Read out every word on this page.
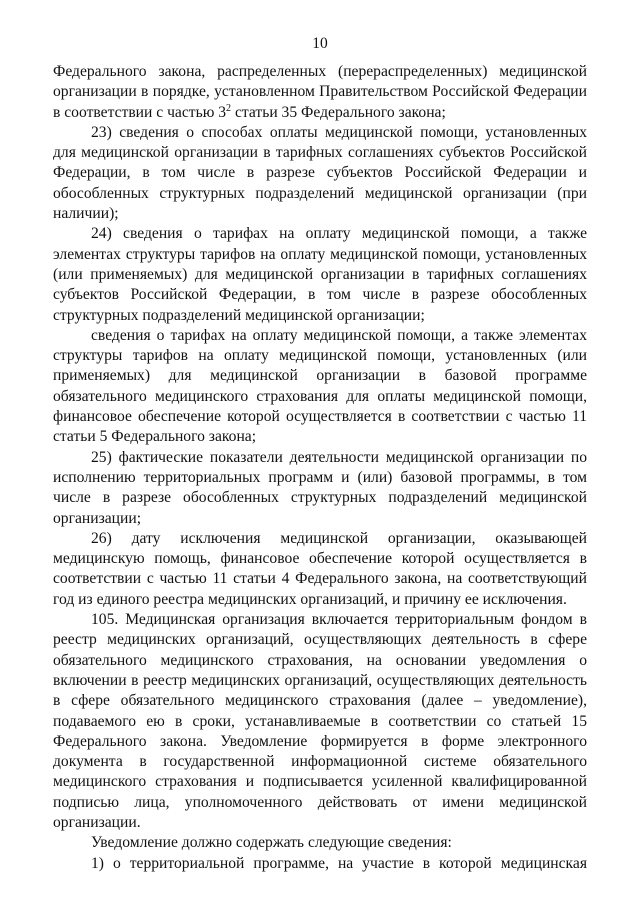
10

Федерального закона, распределенных (перераспределенных) медицинской организации в порядке, установленном Правительством Российской Федерации в соответствии с частью $3^2$ статьи 35 Федерального закона;

23) сведения о способах оплаты медицинской помощи, установленных для медицинской организации в тарифных соглашениях субъектов Российской Федерации, в том числе в разрезе субъектов Российской Федерации и обособленных структурных подразделений медицинской организации (при наличии);

24) сведения о тарифах на оплату медицинской помощи, а также элементах структуры тарифов на оплату медицинской помощи, установленных (или применяемых) для медицинской организации в тарифных соглашениях субъектов Российской Федерации, в том числе в разрезе обособленных структурных подразделений медицинской организации;

сведения о тарифах на оплату медицинской помощи, а также элементах структуры тарифов на оплату медицинской помощи, установленных (или применяемых) для медицинской организации в базовой программе обязательного медицинского страхования для оплаты медицинской помощи, финансовое обеспечение которой осуществляется в соответствии с частью 11 статьи 5 Федерального закона;

25) фактические показатели деятельности медицинской организации по исполнению территориальных программ и (или) базовой программы, в том числе в разрезе обособленных структурных подразделений медицинской организации;

26) дату исключения медицинской организации, оказывающей медицинскую помощь, финансовое обеспечение которой осуществляется в соответствии с частью 11 статьи 4 Федерального закона, на соответствующий год из единого реестра медицинских организаций, и причину ее исключения.

105. Медицинская организация включается территориальным фондом в реестр медицинских организаций, осуществляющих деятельность в сфере обязательного медицинского страхования, на основании уведомления о включении в реестр медицинских организаций, осуществляющих деятельность в сфере обязательного медицинского страхования (далее – уведомление), подаваемого ею в сроки, устанавливаемые в соответствии со статьей 15 Федерального закона. Уведомление формируется в форме электронного документа в государственной информационной системе обязательного медицинского страхования и подписывается усиленной квалифицированной подписью лица, уполномоченного действовать от имени медицинской организации.

Уведомление должно содержать следующие сведения:

1) о территориальной программе, на участие в которой медицинская
